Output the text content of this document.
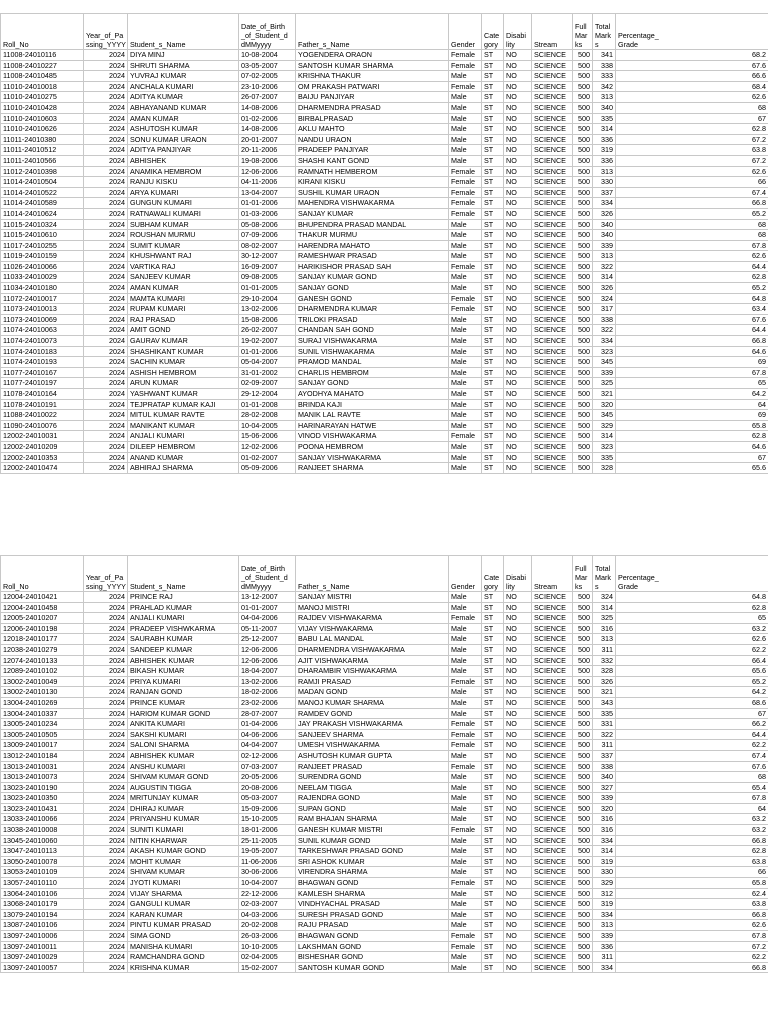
Roll_No	Year_of_Pa
ssing_YYYY	Student_s_Name	Date_of_Birth
_of_Student_d
dMMyyyy	Father_s_Name	Gender	Cate
gory	Disabi
lity	Stream	Full
Mar
ks	Total
Mark
s	Percentage_
Grade
11008-24010116	2024	DIYA MINJ	10-08-2004	YOGENDERA ORAON	Female	ST	NO	SCIENCE	500	341	68.2
11008-24010227	2024	SHRUTI SHARMA	03-05-2007	SANTOSH KUMAR SHARMA	Female	ST	NO	SCIENCE	500	338	67.6
11008-24010485	2024	YUVRAJ KUMAR	07-02-2005	KRISHNA THAKUR	Male	ST	NO	SCIENCE	500	333	66.6
11010-24010018	2024	ANCHALA KUMARI	23-10-2006	OM PRAKASH PATWARI	Female	ST	NO	SCIENCE	500	342	68.4
11010-24010275	2024	ADITYA KUMAR	26-07-2007	BAIJU PANJIYAR	Male	ST	NO	SCIENCE	500	313	62.6
11010-24010428	2024	ABHAYANAND KUMAR	14-08-2006	DHARMENDRA PRASAD	Male	ST	NO	SCIENCE	500	340	68
11010-24010603	2024	AMAN KUMAR	01-02-2006	BIRBALPRASAD	Male	ST	NO	SCIENCE	500	335	67
11010-24010626	2024	ASHUTOSH KUMAR	14-08-2006	AKLU MAHTO	Male	ST	NO	SCIENCE	500	314	62.8
11011-24010380	2024	SONU KUMAR URAON	20-01-2007	NANDU URAON	Male	ST	NO	SCIENCE	500	336	67.2
11011-24010512	2024	ADITYA PANJIYAR	20-11-2006	PRADEEP PANJIYAR	Male	ST	NO	SCIENCE	500	319	63.8
11011-24010566	2024	ABHISHEK	19-08-2006	SHASHI KANT GOND	Male	ST	NO	SCIENCE	500	336	67.2
11012-24010398	2024	ANAMIKA HEMBROM	12-06-2006	RAMNATH HEMBEROM	Female	ST	NO	SCIENCE	500	313	62.6
11014-24010504	2024	RANJU KISKU	04-11-2006	KIRANI KISKU	Female	ST	NO	SCIENCE	500	330	66
11014-24010522	2024	ARYA KUMARI	13-04-2007	SUSHIL KUMAR URAON	Female	ST	NO	SCIENCE	500	337	67.4
11014-24010589	2024	GUNGUN KUMARI	01-01-2006	MAHENDRA VISHWAKARMA	Female	ST	NO	SCIENCE	500	334	66.8
11014-24010624	2024	RATNAWALI KUMARI	01-03-2006	SANJAY KUMAR	Female	ST	NO	SCIENCE	500	326	65.2
11015-24010324	2024	SUBHAM KUMAR	05-08-2006	BHUPENDRA PRASAD MANDAL	Male	ST	NO	SCIENCE	500	340	68
11015-24010610	2024	ROUSHAN MURMU	07-09-2006	THAKUR MURMU	Male	ST	NO	SCIENCE	500	340	68
11017-24010255	2024	SUMIT KUMAR	08-02-2007	HARENDRA MAHATO	Male	ST	NO	SCIENCE	500	339	67.8
11019-24010159	2024	KHUSHWANT RAJ	30-12-2007	RAMESHWAR PRASAD	Male	ST	NO	SCIENCE	500	313	62.6
11026-24010066	2024	VARTIKA RAJ	16-09-2007	HARIKISHOR PRASAD SAH	Female	ST	NO	SCIENCE	500	322	64.4
11033-24010029	2024	SANJEEV KUMAR	09-08-2005	SANJAY KUMAR GOND	Male	ST	NO	SCIENCE	500	314	62.8
11034-24010180	2024	AMAN KUMAR	01-01-2005	SANJAY GOND	Male	ST	NO	SCIENCE	500	326	65.2
11072-24010017	2024	MAMTA KUMARI	29-10-2004	GANESH GOND	Female	ST	NO	SCIENCE	500	324	64.8
11073-24010013	2024	RUPAM KUMARI	13-02-2006	DHARMENDRA KUMAR	Female	ST	NO	SCIENCE	500	317	63.4
11073-24010069	2024	RAJ PRASAD	15-08-2006	TRILOKI PRASAD	Male	ST	NO	SCIENCE	500	338	67.6
11074-24010063	2024	AMIT GOND	26-02-2007	CHANDAN SAH GOND	Male	ST	NO	SCIENCE	500	322	64.4
11074-24010073	2024	GAURAV KUMAR	19-02-2007	SURAJ VISHWAKARMA	Male	ST	NO	SCIENCE	500	334	66.8
11074-24010183	2024	SHASHIKANT KUMAR	01-01-2006	SUNIL VISHWAKARMA	Male	ST	NO	SCIENCE	500	323	64.6
11074-24010193	2024	SACHIN KUMAR	05-04-2007	PRAMOD MANDAL	Male	ST	NO	SCIENCE	500	345	69
11077-24010167	2024	ASHISH HEMBROM	31-01-2002	CHARLIS HEMBROM	Male	ST	NO	SCIENCE	500	339	67.8
11077-24010197	2024	ARUN KUMAR	02-09-2007	SANJAY GOND	Male	ST	NO	SCIENCE	500	325	65
11078-24010164	2024	YASHWANT KUMAR	29-12-2004	AYODHYA MAHATO	Male	ST	NO	SCIENCE	500	321	64.2
11078-24010191	2024	TEJPRATAP KUMAR KAJI	01-01-2008	BRINDA KAJI	Male	ST	NO	SCIENCE	500	320	64
11088-24010022	2024	MITUL KUMAR RAVTE	28-02-2008	MANIK LAL RAVTE	Male	ST	NO	SCIENCE	500	345	69
11090-24010076	2024	MANIKANT KUMAR	10-04-2005	HARINARAYAN HATWE	Male	ST	NO	SCIENCE	500	329	65.8
12002-24010031	2024	ANJALI KUMARI	15-06-2006	VINOD VISHWAKARMA	Female	ST	NO	SCIENCE	500	314	62.8
12002-24010209	2024	DILEEP HEMBROM	12-02-2006	POONA HEMBROM	Male	ST	NO	SCIENCE	500	323	64.6
12002-24010353	2024	ANAND KUMAR	01-02-2007	SANJAY VISHWAKARMA	Male	ST	NO	SCIENCE	500	335	67
12002-24010474	2024	ABHIRAJ SHARMA	05-09-2006	RANJEET SHARMA	Male	ST	NO	SCIENCE	500	328	65.6
Roll_No	Year_of_Pa
ssing_YYYY	Student_s_Name	Date_of_Birth
_of_Student_d
dMMyyyy	Father_s_Name	Gender	Cate
gory	Disabi
lity	Stream	Full
Mar
ks	Total
Mark
s	Percentage_
Grade
12004-24010421	2024	PRINCE RAJ	13-12-2007	SANJAY MISTRI	Male	ST	NO	SCIENCE	500	324	64.8
12004-24010458	2024	PRAHLAD KUMAR	01-01-2007	MANOJ MISTRI	Male	ST	NO	SCIENCE	500	314	62.8
12005-24010207	2024	ANJALI KUMARI	04-04-2006	RAJDEV VISHWAKARMA	Female	ST	NO	SCIENCE	500	325	65
12006-24010198	2024	PRADEEP VISHWKARMA	05-11-2007	VIJAY VISHWAKARMA	Male	ST	NO	SCIENCE	500	316	63.2
12018-24010177	2024	SAURABH KUMAR	25-12-2007	BABU LAL MANDAL	Male	ST	NO	SCIENCE	500	313	62.6
12038-24010279	2024	SANDEEP KUMAR	12-06-2006	DHARMENDRA VISHWAKARMA	Male	ST	NO	SCIENCE	500	311	62.2
12074-24010133	2024	ABHISHEK KUMAR	12-06-2006	AJIT VISHWAKARMA	Male	ST	NO	SCIENCE	500	332	66.4
12089-24010102	2024	BIKASH KUMAR	18-04-2007	DHARAMBIR VISHWAKARMA	Male	ST	NO	SCIENCE	500	328	65.6
13002-24010049	2024	PRIYA KUMARI	13-02-2006	RAMJI PRASAD	Female	ST	NO	SCIENCE	500	326	65.2
13002-24010130	2024	RANJAN GOND	18-02-2006	MADAN GOND	Male	ST	NO	SCIENCE	500	321	64.2
13004-24010269	2024	PRINCE KUMAR	23-02-2006	MANOJ KUMAR SHARMA	Male	ST	NO	SCIENCE	500	343	68.6
13004-24010337	2024	HARIOM KUMAR GOND	28-07-2007	RAMDEV GOND	Male	ST	NO	SCIENCE	500	335	67
13005-24010234	2024	ANKITA KUMARI	01-04-2006	JAY PRAKASH VISHWAKARMA	Female	ST	NO	SCIENCE	500	331	66.2
13005-24010505	2024	SAKSHI KUMARI	04-06-2006	SANJEEV SHARMA	Female	ST	NO	SCIENCE	500	322	64.4
13009-24010017	2024	SALONI SHARMA	04-04-2007	UMESH VISHWAKARMA	Female	ST	NO	SCIENCE	500	311	62.2
13012-24010184	2024	ABHISHEK KUMAR	02-12-2006	ASHUTOSH KUMAR GUPTA	Male	ST	NO	SCIENCE	500	337	67.4
13013-24010031	2024	ANSHU KUMARI	07-03-2007	RANJEET PRASAD	Female	ST	NO	SCIENCE	500	338	67.6
13013-24010073	2024	SHIVAM KUMAR GOND	20-05-2006	SURENDRA GOND	Male	ST	NO	SCIENCE	500	340	68
13023-24010190	2024	AUGUSTIN TIGGA	20-08-2006	NEELAM TIGGA	Male	ST	NO	SCIENCE	500	327	65.4
13023-24010350	2024	MRITUNJAY KUMAR	05-03-2007	RAJENDRA GOND	Male	ST	NO	SCIENCE	500	339	67.8
13023-24010431	2024	DHIRAJ KUMAR	15-09-2006	SUPAN GOND	Male	ST	NO	SCIENCE	500	320	64
13033-24010066	2024	PRIYANSHU KUMAR	15-10-2005	RAM BHAJAN SHARMA	Male	ST	NO	SCIENCE	500	316	63.2
13038-24010008	2024	SUNITI KUMARI	18-01-2006	GANESH KUMAR MISTRI	Female	ST	NO	SCIENCE	500	316	63.2
13045-24010060	2024	NITIN KHARWAR	25-11-2005	SUNIL KUMAR GOND	Male	ST	NO	SCIENCE	500	334	66.8
13047-24010113	2024	AKASH KUMAR GOND	19-05-2007	TARKESHWAR PRASAD GOND	Male	ST	NO	SCIENCE	500	314	62.8
13050-24010078	2024	MOHIT KUMAR	11-06-2006	SRI ASHOK KUMAR	Male	ST	NO	SCIENCE	500	319	63.8
13053-24010109	2024	SHIVAM KUMAR	30-06-2006	VIRENDRA SHARMA	Male	ST	NO	SCIENCE	500	330	66
13057-24010110	2024	JYOTI KUMARI	10-04-2007	BHAGWAN GOND	Female	ST	NO	SCIENCE	500	329	65.8
13064-24010106	2024	VIJAY SHARMA	22-12-2006	KAMLESH SHARMA	Male	ST	NO	SCIENCE	500	312	62.4
13068-24010179	2024	GANGULI KUMAR	02-03-2007	VINDHYACHAL PRASAD	Male	ST	NO	SCIENCE	500	319	63.8
13079-24010194	2024	KARAN KUMAR	04-03-2006	SURESH PRASAD GOND	Male	ST	NO	SCIENCE	500	334	66.8
13087-24010106	2024	PINTU KUMAR PRASAD	20-02-2008	RAJU PRASAD	Male	ST	NO	SCIENCE	500	313	62.6
13097-24010006	2024	SIMA GOND	26-03-2006	BHAGWAN GOND	Female	ST	NO	SCIENCE	500	339	67.8
13097-24010011	2024	MANISHA KUMARI	10-10-2005	LAKSHMAN GOND	Female	ST	NO	SCIENCE	500	336	67.2
13097-24010029	2024	RAMCHANDRA GOND	02-04-2005	BISHESHAR GOND	Male	ST	NO	SCIENCE	500	311	62.2
13097-24010057	2024	KRISHNA KUMAR	15-02-2007	SANTOSH KUMAR GOND	Male	ST	NO	SCIENCE	500	334	66.8
